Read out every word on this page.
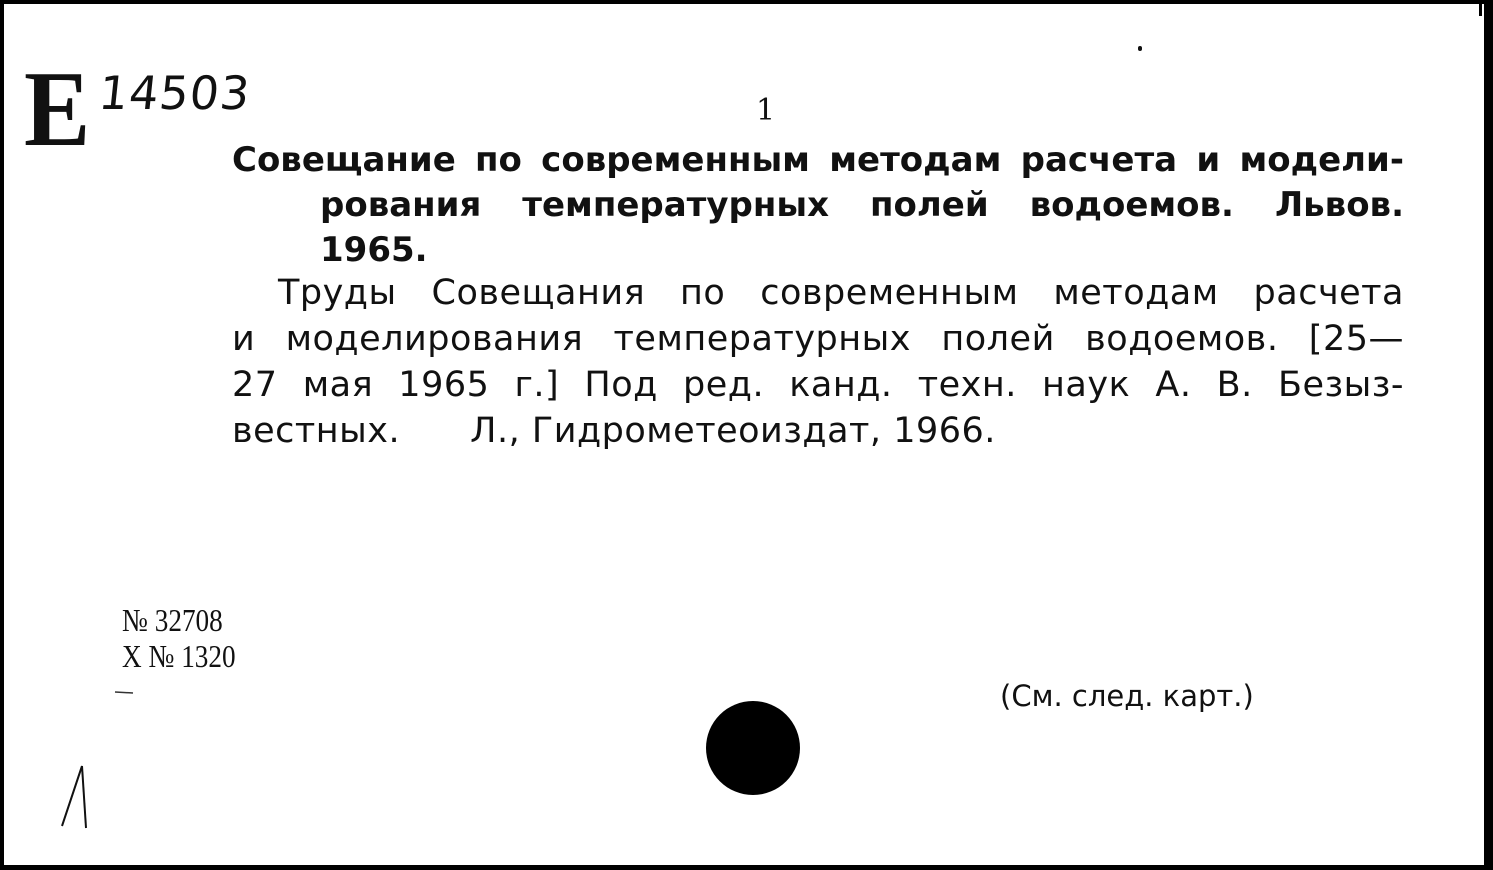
Е 14503	1
Совещание по современным методам расчета и модели-
рования температурных полей водоемов. Львов.
1965.
Труды Совещания по современным методам расчета
и моделирования температурных полей водоемов. [25—
27 мая 1965 г.] Под ред. канд. техн. наук А. В. Безыз-
вестных. Л., Гидрометеоиздат, 1966.
№ 32708
Х № 1320
(См. след. карт.)
